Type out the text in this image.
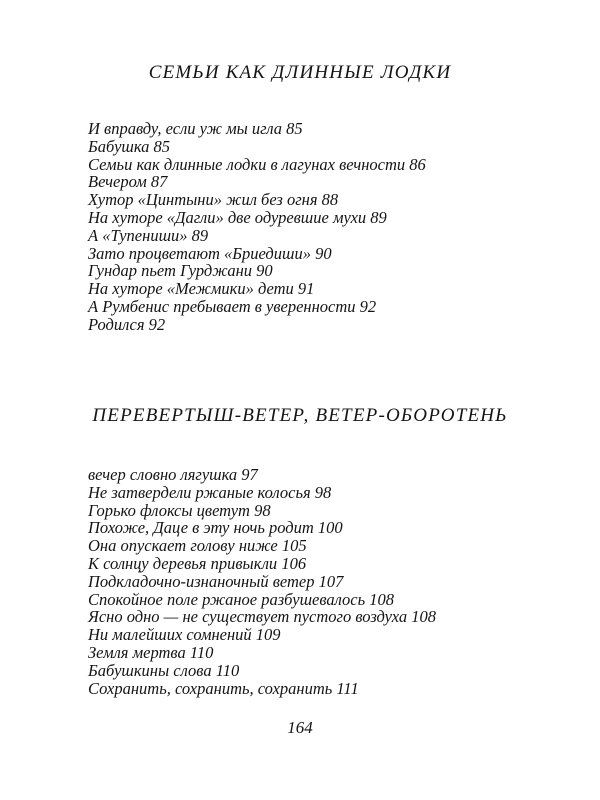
СЕМЬИ КАК ДЛИННЫЕ ЛОДКИ
И вправду, если уж мы игла 85
Бабушка 85
Семьи как длинные лодки в лагунах вечности 86
Вечером 87
Хутор «Цинтыни» жил без огня 88
На хуторе «Дагли» две одуревшие мухи 89
А «Тупениши» 89
Зато процветают «Бриедиши» 90
Гундар пьет Гурджани 90
На хуторе «Межмики» дети 91
А Румбенис пребывает в уверенности 92
Родился 92
ПЕРЕВЕРТЫШ-ВЕТЕР, ВЕТЕР-ОБОРОТЕНЬ
вечер словно лягушка 97
Не затвердели ржаные колосья 98
Горько флоксы цветут 98
Похоже, Даце в эту ночь родит 100
Она опускает голову ниже 105
К солнцу деревья привыкли 106
Подкладочно-изнаночный ветер 107
Спокойное поле ржаное разбушевалось 108
Ясно одно — не существует пустого воздуха 108
Ни малейших сомнений 109
Земля мертва 110
Бабушкины слова 110
Сохранить, сохранить, сохранить 111
164
